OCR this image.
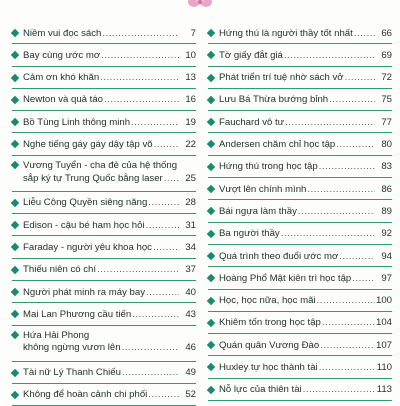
Niềm vui đọc sách .....	7
Bay cùng ước mơ .....	10
Cảm ơn khó khăn .....	13
Newton và quả táo .....	16
Bồ Tùng Linh thông minh .....	19
Nghe tiếng gáy gáy dậy tập võ .....	22
Vương Tuyển - cha đẻ của hệ thống
sắp ký tự Trung Quốc bằng laser .....	25
Liễu Công Quyền siêng năng .....	28
Edison - cậu bé ham học hỏi .....	31
Faraday - người yêu khoa học .....	34
Thiếu niên có chí .....	37
Người phát minh ra máy bay .....	40
Mai Lan Phương cầu tiến .....	43
Hứa Hải Phong
không ngừng vươn lên .....	46
Tài nữ Lý Thanh Chiếu .....	49
Không để hoàn cảnh chi phối .....	52
Hứng thú là người thầy tốt nhất .....	66
Tờ giấy đắt giá .....	69
Phát triển trí tuệ nhờ sách vở .....	72
Lưu Bá Thừa bướng bỉnh .....	75
Fauchard vô tư .....	77
Andersen chăm chỉ học tập .....	80
Hứng thú trong học tập .....	83
Vượt lên chính mình .....	86
Bái ngựa làm thầy .....	89
Ba người thầy .....	92
Quá trình theo đuổi ước mơ .....	94
Hoàng Phổ Mật kiên trì học tập .....	97
Học, học nữa, học mãi .....	100
Khiêm tốn trong học tập .....	104
Quán quân Vương Đào .....	107
Huxley tự học thành tài .....	110
Nỗ lực của thiên tài .....	113
